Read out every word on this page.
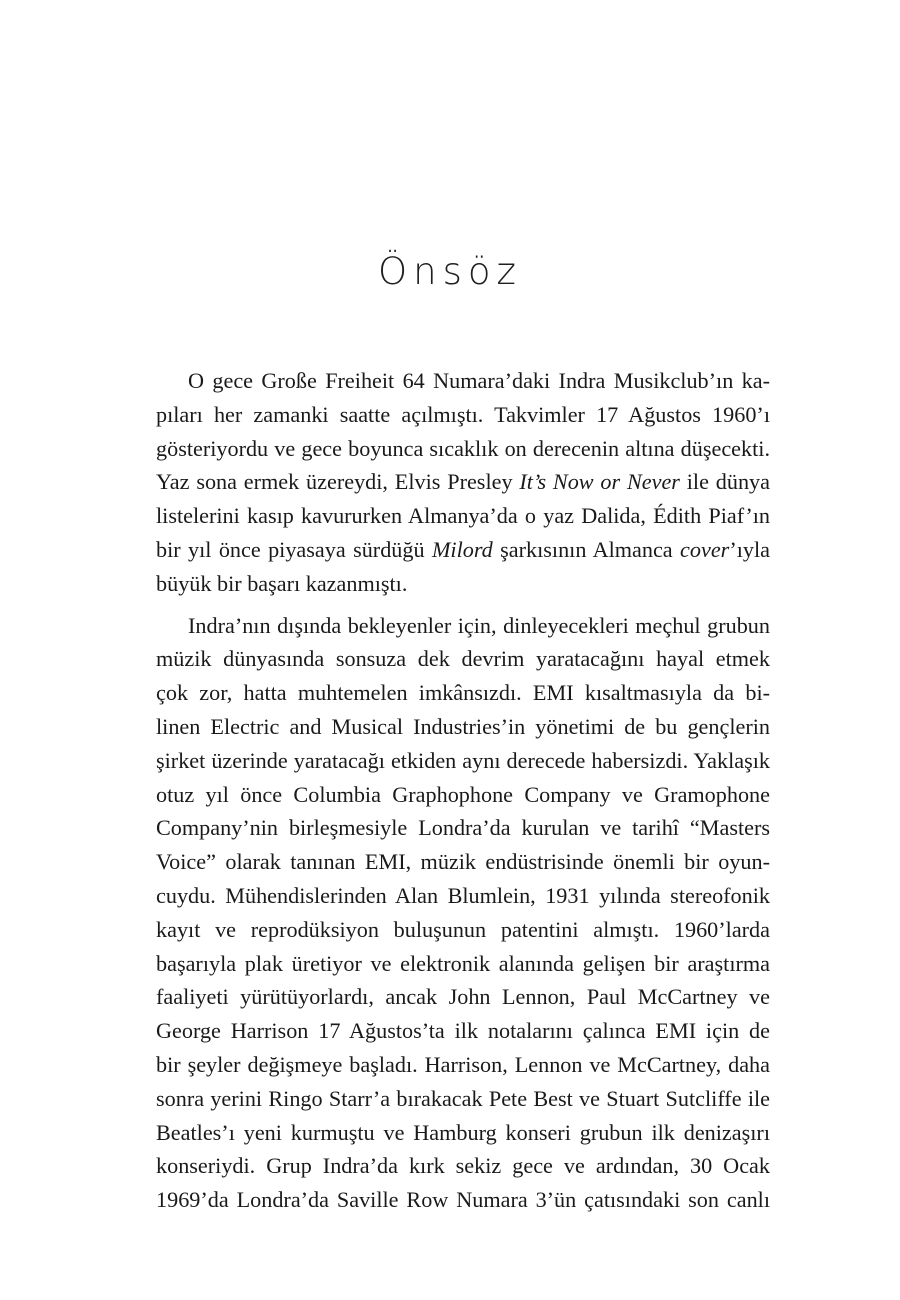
Önsöz
O gece Große Freiheit 64 Numara’daki Indra Musikclub’ın ka-
pıları her zamanki saatte açılmıştı. Takvimler 17 Ağustos 1960’ı
gösteriyordu ve gece boyunca sıcaklık on derecenin altına düşecekti.
Yaz sona ermek üzereydi, Elvis Presley It’s Now or Never ile dünya
listelerini kasıp kavururken Almanya’da o yaz Dalida, Édith Piaf’ın
bir yıl önce piyasaya sürdüğü Milord şarkısının Almanca cover’ıyla
büyük bir başarı kazanmıştı.
Indra’nın dışında bekleyenler için, dinleyecekleri meçhul grubun
müzik dünyasında sonsuza dek devrim yaratacağını hayal etmek
çok zor, hatta muhtemelen imkânsızdı. EMI kısaltmasıyla da bi-
linen Electric and Musical Industries’in yönetimi de bu gençlerin
şirket üzerinde yaratacağı etkiden aynı derecede habersizdi. Yaklaşık
otuz yıl önce Columbia Graphophone Company ve Gramophone
Company’nin birleşmesiyle Londra’da kurulan ve tarihî “Masters
Voice” olarak tanınan EMI, müzik endüstrisinde önemli bir oyun-
cuydu. Mühendislerinden Alan Blumlein, 1931 yılında stereofonik
kayıt ve reprodüksiyon buluşunun patentini almıştı. 1960’larda
başarıyla plak üretiyor ve elektronik alanında gelişen bir araştırma
faaliyeti yürütüyorlardı, ancak John Lennon, Paul McCartney ve
George Harrison 17 Ağustos’ta ilk notalarını çalınca EMI için de
bir şeyler değişmeye başladı. Harrison, Lennon ve McCartney, daha
sonra yerini Ringo Starr’a bırakacak Pete Best ve Stuart Sutcliffe ile
Beatles’ı yeni kurmuştu ve Hamburg konseri grubun ilk denizaşırı
konseriydi. Grup Indra’da kırk sekiz gece ve ardından, 30 Ocak
1969’da Londra’da Saville Row Numara 3’ün çatısındaki son canlı
